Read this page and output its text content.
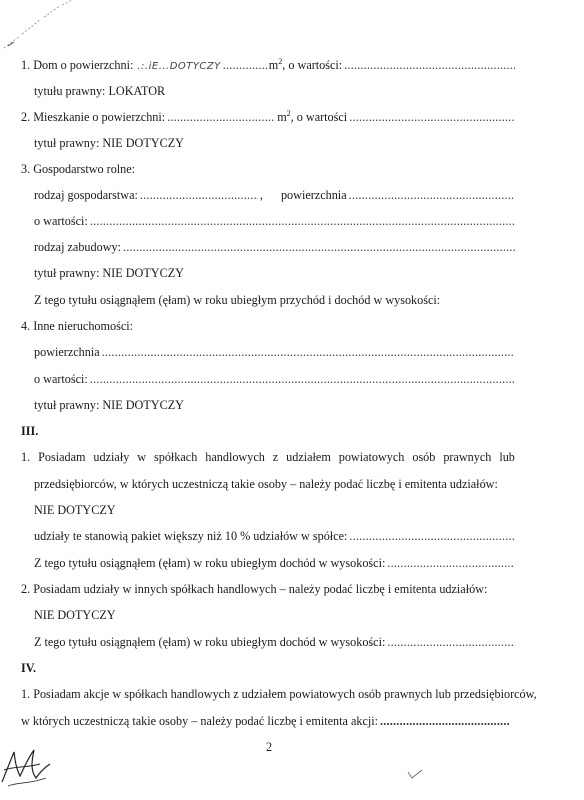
1. Dom o powierzchni: .:.iE...DOTYCZY .....	$m^2$ , o wartości:
.....
tytułu prawny: LOKATOR
2. Mieszkanie o powierzchni: .....	$m^2$ , o wartości
.....
tytuł prawny: NIE DOTYCZY
3. Gospodarstwo rolne:
rodzaj gospodarstwa: .....	, powierzchnia
.....
o wartości:
.....
rodzaj zabudowy:
.....
tytuł prawny: NIE DOTYCZY
Z tego tytułu osiągnąłem (ęłam) w roku ubiegłym przychód i dochód w wysokości:
4. Inne nieruchomości:
powierzchnia
.....
o wartości:
.....
tytuł prawny: NIE DOTYCZY
III.
1. Posiadam udziały w spółkach handlowych z udziałem powiatowych osób prawnych lub
przedsiębiorców, w których uczestniczą takie osoby – należy podać liczbę i emitenta udziałów:
NIE DOTYCZY
udziały te stanowią pakiet większy niż 10 % udziałów w spółce:
.....
Z tego tytułu osiągnąłem (ęłam) w roku ubiegłym dochód w wysokości:
.....
2. Posiadam udziały w innych spółkach handlowych – należy podać liczbę i emitenta udziałów:
NIE DOTYCZY
Z tego tytułu osiągnąłem (ęłam) w roku ubiegłym dochód w wysokości:
.....
IV.
1. Posiadam akcje w spółkach handlowych z udziałem powiatowych osób prawnych lub przedsiębiorców,
w których uczestniczą takie osoby – należy podać liczbę i emitenta akcji:
.....
2
